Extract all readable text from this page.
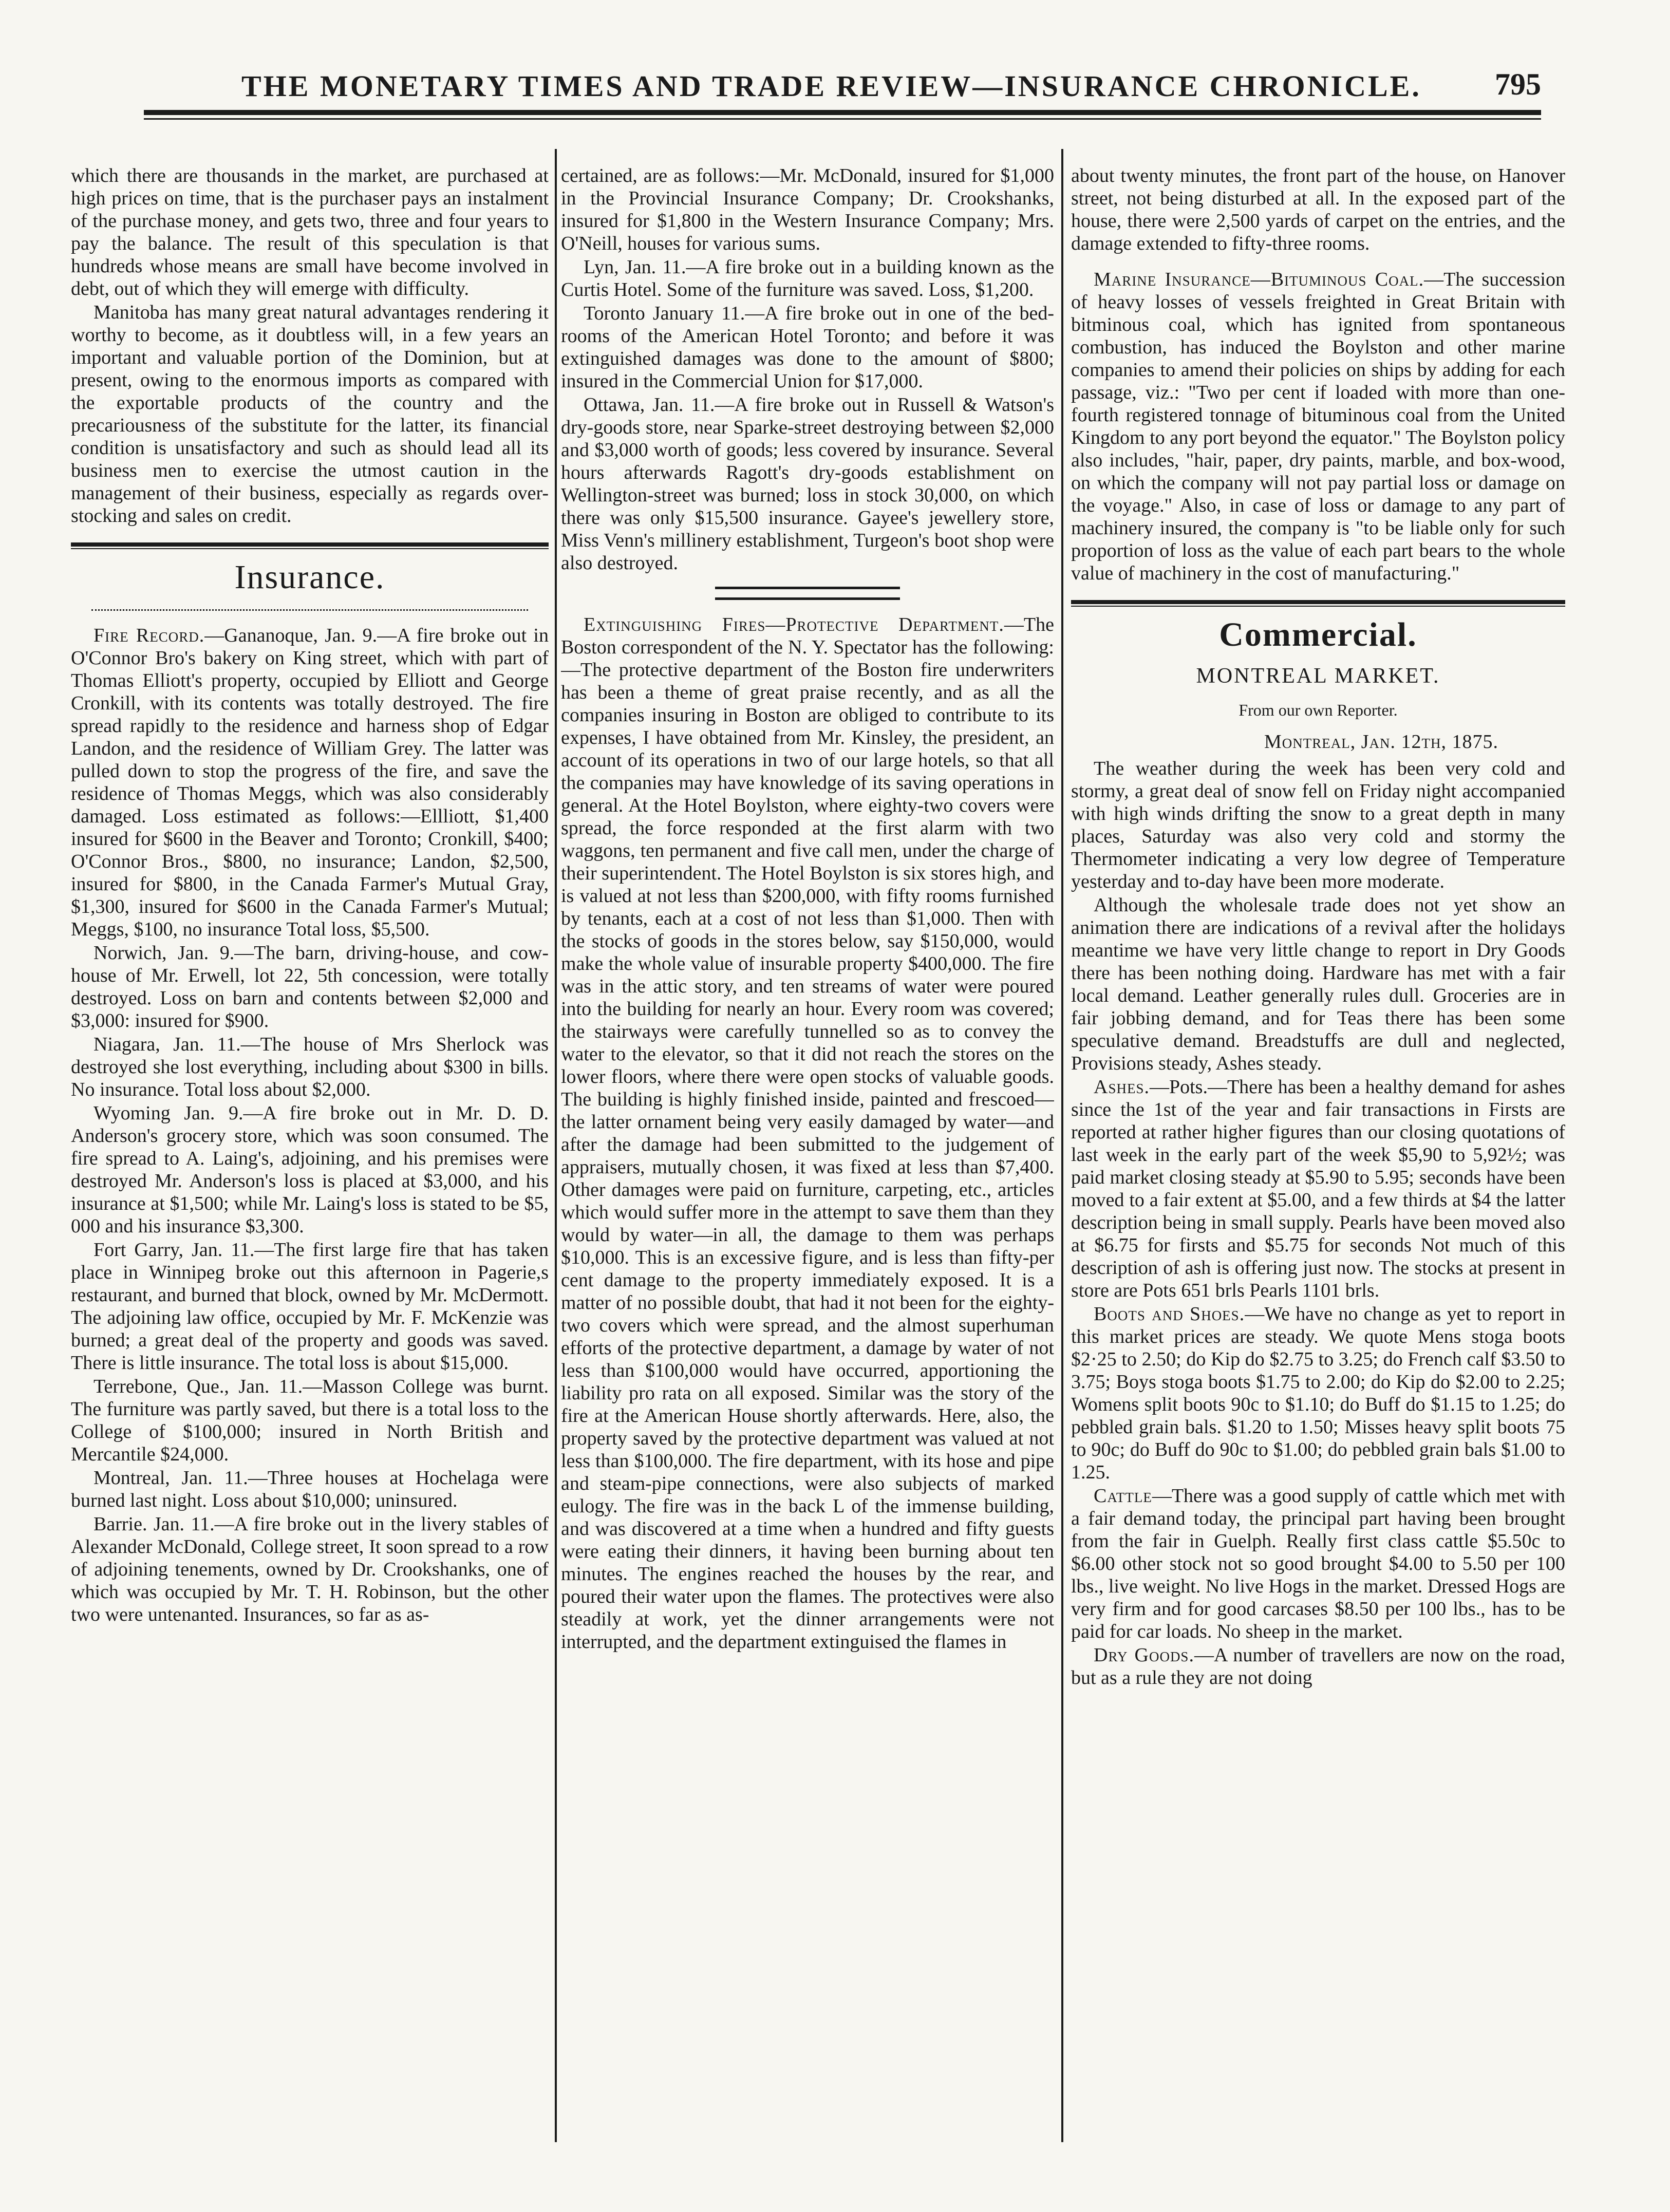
THE MONETARY TIMES AND TRADE REVIEW—INSURANCE CHRONICLE. 795

which there are thousands in the market, are purchased at high prices on time, that is the purchaser pays an instalment of the purchase money, and gets two, three and four years to pay the balance. The result of this speculation is that hundreds whose means are small have become involved in debt, out of which they will emerge with difficulty.

Manitoba has many great natural advantages rendering it worthy to become, as it doubtless will, in a few years an important and valuable portion of the Dominion, but at present, owing to the enormous imports as compared with the exportable products of the country and the precariousness of the substitute for the latter, its financial condition is unsatisfactory and such as should lead all its business men to exercise the utmost caution in the management of their business, especially as regards over-stocking and sales on credit.

Insurance.

Fire Record.—Gananoque, Jan. 9.—A fire broke out in O'Connor Bro's bakery on King street, which with part of Thomas Elliott's property, occupied by Elliott and George Cronkill, with its contents was totally destroyed. The fire spread rapidly to the residence and harness shop of Edgar Landon, and the residence of William Grey. The latter was pulled down to stop the progress of the fire, and save the residence of Thomas Meggs, which was also considerably damaged. Loss estimated as follows:—Ellliott, $1,400 insured for $600 in the Beaver and Toronto; Cronkill, $400; O'Connor Bros., $800, no insurance; Landon, $2,500, insured for $800, in the Canada Farmer's Mutual Gray, $1,300, insured for $600 in the Canada Farmer's Mutual; Meggs, $100, no insurance Total loss, $5,500.

Norwich, Jan. 9.—The barn, driving-house, and cow-house of Mr. Erwell, lot 22, 5th concession, were totally destroyed. Loss on barn and contents between $2,000 and $3,000: insured for $900.

Niagara, Jan. 11.—The house of Mrs Sherlock was destroyed she lost everything, including about $300 in bills. No insurance. Total loss about $2,000.

Wyoming Jan. 9.—A fire broke out in Mr. D. D. Anderson's grocery store, which was soon consumed. The fire spread to A. Laing's, adjoining, and his premises were destroyed Mr. Anderson's loss is placed at $3,000, and his insurance at $1,500; while Mr. Laing's loss is stated to be $5, 000 and his insurance $3,300.

Fort Garry, Jan. 11.—The first large fire that has taken place in Winnipeg broke out this afternoon in Pagerie,s restaurant, and burned that block, owned by Mr. McDermott. The adjoining law office, occupied by Mr. F. McKenzie was burned; a great deal of the property and goods was saved. There is little insurance. The total loss is about $15,000.

Terrebone, Que., Jan. 11.—Masson College was burnt. The furniture was partly saved, but there is a total loss to the College of $100,000; insured in North British and Mercantile $24,000.

Montreal, Jan. 11.—Three houses at Hochelaga were burned last night. Loss about $10,000; uninsured.

Barrie. Jan. 11.—A fire broke out in the livery stables of Alexander McDonald, College street, It soon spread to a row of adjoining tenements, owned by Dr. Crookshanks, one of which was occupied by Mr. T. H. Robinson, but the other two were untenanted. Insurances, so far as as-

certained, are as follows:—Mr. McDonald, insured for $1,000 in the Provincial Insurance Company; Dr. Crookshanks, insured for $1,800 in the Western Insurance Company; Mrs. O'Neill, houses for various sums.

Lyn, Jan. 11.—A fire broke out in a building known as the Curtis Hotel. Some of the furniture was saved. Loss, $1,200.

Toronto January 11.—A fire broke out in one of the bed-rooms of the American Hotel Toronto; and before it was extinguished damages was done to the amount of $800; insured in the Commercial Union for $17,000.

Ottawa, Jan. 11.—A fire broke out in Russell & Watson's dry-goods store, near Sparke-street destroying between $2,000 and $3,000 worth of goods; less covered by insurance. Several hours afterwards Ragott's dry-goods establishment on Wellington-street was burned; loss in stock 30,000, on which there was only $15,500 insurance. Gayee's jewellery store, Miss Venn's millinery establishment, Turgeon's boot shop were also destroyed.

Extinguishing Fires—Protective Department.—The Boston correspondent of the N. Y. Spectator has the following:—The protective department of the Boston fire underwriters has been a theme of great praise recently, and as all the companies insuring in Boston are obliged to contribute to its expenses, I have obtained from Mr. Kinsley, the president, an account of its operations in two of our large hotels, so that all the companies may have knowledge of its saving operations in general. At the Hotel Boylston, where eighty-two covers were spread, the force responded at the first alarm with two waggons, ten permanent and five call men, under the charge of their superintendent. The Hotel Boylston is six stores high, and is valued at not less than $200,000, with fifty rooms furnished by tenants, each at a cost of not less than $1,000. Then with the stocks of goods in the stores below, say $150,000, would make the whole value of insurable property $400,000. The fire was in the attic story, and ten streams of water were poured into the building for nearly an hour. Every room was covered; the stairways were carefully tunnelled so as to convey the water to the elevator, so that it did not reach the stores on the lower floors, where there were open stocks of valuable goods. The building is highly finished inside, painted and frescoed—the latter ornament being very easily damaged by water—and after the damage had been submitted to the judgement of appraisers, mutually chosen, it was fixed at less than $7,400. Other damages were paid on furniture, carpeting, etc., articles which would suffer more in the attempt to save them than they would by water—in all, the damage to them was perhaps $10,000. This is an excessive figure, and is less than fifty-per cent damage to the property immediately exposed. It is a matter of no possible doubt, that had it not been for the eighty-two covers which were spread, and the almost superhuman efforts of the protective department, a damage by water of not less than $100,000 would have occurred, apportioning the liability pro rata on all exposed. Similar was the story of the fire at the American House shortly afterwards. Here, also, the property saved by the protective department was valued at not less than $100,000. The fire department, with its hose and pipe and steam-pipe connections, were also subjects of marked eulogy. The fire was in the back L of the immense building, and was discovered at a time when a hundred and fifty guests were eating their dinners, it having been burning about ten minutes. The engines reached the houses by the rear, and poured their water upon the flames. The protectives were also steadily at work, yet the dinner arrangements were not interrupted, and the department extinguised the flames in

about twenty minutes, the front part of the house, on Hanover street, not being disturbed at all. In the exposed part of the house, there were 2,500 yards of carpet on the entries, and the damage extended to fifty-three rooms.

Marine Insurance—Bituminous Coal.—The succession of heavy losses of vessels freighted in Great Britain with bitminous coal, which has ignited from spontaneous combustion, has induced the Boylston and other marine companies to amend their policies on ships by adding for each passage, viz.: "Two per cent if loaded with more than one-fourth registered tonnage of bituminous coal from the United Kingdom to any port beyond the equator." The Boylston policy also includes, "hair, paper, dry paints, marble, and box-wood, on which the company will not pay partial loss or damage on the voyage." Also, in case of loss or damage to any part of machinery insured, the company is "to be liable only for such proportion of loss as the value of each part bears to the whole value of machinery in the cost of manufacturing."

Commercial.
MONTREAL MARKET.
From our own Reporter.
Montreal, Jan. 12th, 1875.

The weather during the week has been very cold and stormy, a great deal of snow fell on Friday night accompanied with high winds drifting the snow to a great depth in many places, Saturday was also very cold and stormy the Thermometer indicating a very low degree of Temperature yesterday and to-day have been more moderate.

Although the wholesale trade does not yet show an animation there are indications of a revival after the holidays meantime we have very little change to report in Dry Goods there has been nothing doing. Hardware has met with a fair local demand. Leather generally rules dull. Groceries are in fair jobbing demand, and for Teas there has been some speculative demand. Breadstuffs are dull and neglected, Provisions steady, Ashes steady.

Ashes.—Pots.—There has been a healthy demand for ashes since the 1st of the year and fair transactions in Firsts are reported at rather higher figures than our closing quotations of last week in the early part of the week $5,90 to 5,92½; was paid market closing steady at $5.90 to 5.95; seconds have been moved to a fair extent at $5.00, and a few thirds at $4 the latter description being in small supply. Pearls have been moved also at $6.75 for firsts and $5.75 for seconds Not much of this description of ash is offering just now. The stocks at present in store are Pots 651 brls Pearls 1101 brls.

Boots and Shoes.—We have no change as yet to report in this market prices are steady. We quote Mens stoga boots $2·25 to 2.50; do Kip do $2.75 to 3.25; do French calf $3.50 to 3.75; Boys stoga boots $1.75 to 2.00; do Kip do $2.00 to 2.25; Womens split boots 90c to $1.10; do Buff do $1.15 to 1.25; do pebbled grain bals. $1.20 to 1.50; Misses heavy split boots 75 to 90c; do Buff do 90c to $1.00; do pebbled grain bals $1.00 to 1.25.

Cattle—There was a good supply of cattle which met with a fair demand today, the principal part having been brought from the fair in Guelph. Really first class cattle $5.50c to $6.00 other stock not so good brought $4.00 to 5.50 per 100 lbs., live weight. No live Hogs in the market. Dressed Hogs are very firm and for good carcases $8.50 per 100 lbs., has to be paid for car loads. No sheep in the market.

Dry Goods.—A number of travellers are now on the road, but as a rule they are not doing
